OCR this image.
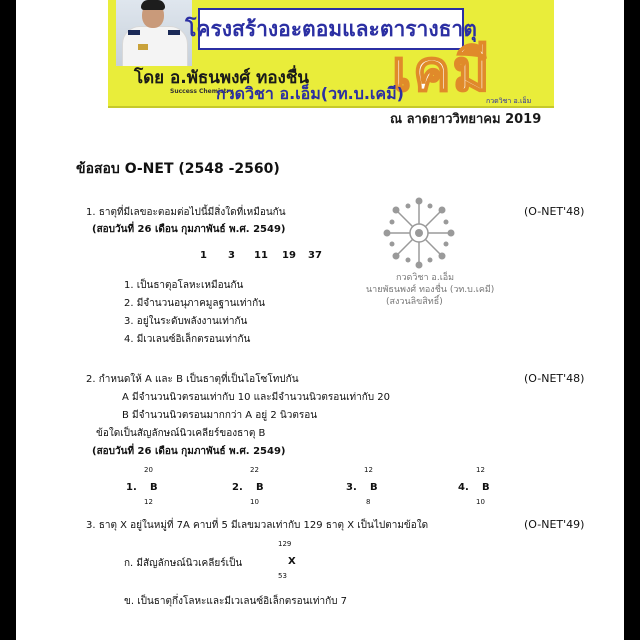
โครงสร้างอะตอมและตารางธาตุ
เคมี
โดย อ.พัธนพงศ์ ทองชื่น
Success Chemistry
กวดวิชา อ.เอ็ม(วท.บ.เคมี)	กวดวิชา อ.เอ็ม
ณ ลาดยาววิทยาคม 2019
ข้อสอบ O-NET (2548 -2560)
1. ธาตุที่มีเลขอะตอมต่อไปนี้มีสิ่งใดที่เหมือนกัน	(O-NET'48)
(สอบวันที่ 26 เดือน กุมภาพันธ์ พ.ศ. 2549)
1 3 11 19 37
1. เป็นธาตุอโลหะเหมือนกัน
2. มีจำนวนอนุภาคมูลฐานเท่ากัน
3. อยู่ในระดับพลังงานเท่ากัน
4. มีเวเลนซ์อิเล็กตรอนเท่ากัน
กวดวิชา อ.เอ็ม
นายพัธนพงศ์ ทองชื่น (วท.บ.เคมี)
(สงวนลิขสิทธิ์)
2. กำหนดให้ A และ B เป็นธาตุที่เป็นไอโซโทปกัน	(O-NET'48)
A มีจำนวนนิวตรอนเท่ากับ 10 และมีจำนวนนิวตรอนเท่ากับ 20
B มีจำนวนนิวตรอนมากกว่า A อยู่ 2 นิวตรอน
ข้อใดเป็นสัญลักษณ์นิวเคลียร์ของธาตุ B
(สอบวันที่ 26 เดือน กุมภาพันธ์ พ.ศ. 2549)
20
1. B
12
22
2. B
10
12
3. B
8
12
4. B
10
3. ธาตุ X อยู่ในหมู่ที่ 7A คาบที่ 5 มีเลขมวลเท่ากับ 129 ธาตุ X เป็นไปตามข้อใด	(O-NET'49)
129
ก. มีสัญลักษณ์นิวเคลียร์เป็น	X
53
ข. เป็นธาตุกึ่งโลหะและมีเวเลนซ์อิเล็กตรอนเท่ากับ 7
